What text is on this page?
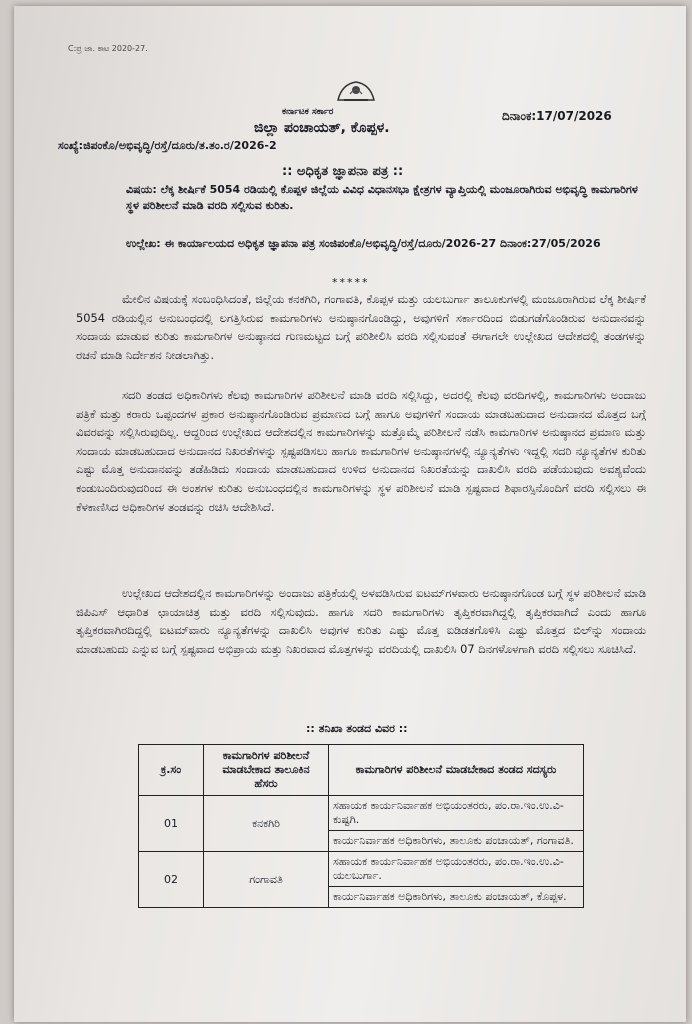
C:ಪ್ರ ಜಾ. ಕಾಟ 2020-27.
ಕರ್ನಾಟಕ ಸರ್ಕಾರ
ಜಿಲ್ಲಾ ಪಂಚಾಯತ್, ಕೊಪ್ಪಳ.
ದಿನಾಂಕ:17/07/2026
ಸಂಖ್ಯೆ:ಜಿಪಂಕೊ/ಅಭಿವೃದ್ಧಿ/ರಸ್ತೆ/ದೂರು/ತ.ತಂ.ರ/2026-2
:: ಅಧಿಕೃತ ಜ್ಞಾಪನಾ ಪತ್ರ ::
ವಿಷಯ: ಲೆಕ್ಕ ಶೀರ್ಷಿಕೆ 5054 ರಡಿಯಲ್ಲಿ ಕೊಪ್ಪಳ ಜಿಲ್ಲೆಯ ವಿವಿಧ ವಿಧಾನಸಭಾ ಕ್ಷೇತ್ರಗಳ ವ್ಯಾಪ್ತಿಯಲ್ಲಿ ಮಂಜೂರಾಗಿರುವ ಅಭಿವೃದ್ಧಿ ಕಾಮಗಾರಿಗಳ ಸ್ಥಳ ಪರಿಶೀಲನೆ ಮಾಡಿ ವರದಿ ಸಲ್ಲಿಸುವ ಕುರಿತು.
ಉಲ್ಲೇಖ: ಈ ಕಾರ್ಯಾಲಯದ ಅಧಿಕೃತ ಜ್ಞಾಪನಾ ಪತ್ರ ಸಂಜಿಪಂಕೊ/ಅಭಿವೃದ್ಧಿ/ರಸ್ತೆ/ದೂರು/2026-27 ದಿನಾಂಕ:27/05/2026
*****
ಮೇಲಿನ ವಿಷಯಕ್ಕೆ ಸಂಬಂಧಿಸಿದಂತೆ, ಜಿಲ್ಲೆಯ ಕನಕಗಿರಿ, ಗಂಗಾವತಿ, ಕೊಪ್ಪಳ ಮತ್ತು ಯಲಬುರ್ಗಾ ತಾಲೂಕುಗಳಲ್ಲಿ ಮಂಜೂರಾಗಿರುವ ಲೆಕ್ಕ ಶೀರ್ಷಿಕೆ 5054 ರಡಿಯಲ್ಲಿನ ಅನುಬಂಧದಲ್ಲಿ ಲಗತ್ತಿಸಿರುವ ಕಾಮಗಾರಿಗಳು ಅನುಷ್ಠಾನಗೊಂಡಿದ್ದು, ಅವುಗಳಿಗೆ ಸರ್ಕಾರದಿಂದ ಬಿಡುಗಡೆಗೊಂಡಿರುವ ಅನುದಾನವನ್ನು ಸಂದಾಯ ಮಾಡುವ ಕುರಿತು ಕಾಮಗಾರಿಗಳ ಅನುಷ್ಠಾನದ ಗುಣಮಟ್ಟದ ಬಗ್ಗೆ ಪರಿಶೀಲಿಸಿ ವರದಿ ಸಲ್ಲಿಸುವಂತೆ ಈಗಾಗಲೇ ಉಲ್ಲೇಖದ ಆದೇಶದಲ್ಲಿ ತಂಡಗಳನ್ನು ರಚನೆ ಮಾಡಿ ನಿರ್ದೇಶನ ನೀಡಲಾಗಿತ್ತು.
ಸದರಿ ತಂಡದ ಅಧಿಕಾರಿಗಳು ಕೆಲವು ಕಾಮಗಾರಿಗಳ ಪರಿಶೀಲನೆ ಮಾಡಿ ವರದಿ ಸಲ್ಲಿಸಿದ್ದು, ಅದರಲ್ಲಿ ಕೆಲವು ವರದಿಗಳಲ್ಲಿ, ಕಾಮಗಾರಿಗಳು ಅಂದಾಜು ಪತ್ರಿಕೆ ಮತ್ತು ಕರಾರು ಒಪ್ಪಂದಗಳ ಪ್ರಕಾರ ಅನುಷ್ಠಾನಗೊಂಡಿರುವ ಪ್ರಮಾಣದ ಬಗ್ಗೆ ಹಾಗೂ ಅವುಗಳಿಗೆ ಸಂದಾಯ ಮಾಡಬಹುದಾದ ಅನುದಾನದ ಮೊತ್ತದ ಬಗ್ಗೆ ವಿವರವನ್ನು ಸಲ್ಲಿಸಿರುವುದಿಲ್ಲ. ಆದ್ದರಿಂದ ಉಲ್ಲೇಖದ ಆದೇಶದಲ್ಲಿನ ಕಾಮಗಾರಿಗಳನ್ನು ಮತ್ತೊಮ್ಮೆ ಪರಿಶೀಲನೆ ನಡೆಸಿ ಕಾಮಗಾರಿಗಳ ಅನುಷ್ಠಾನದ ಪ್ರಮಾಣ ಮತ್ತು ಸಂದಾಯ ಮಾಡಬಹುದಾದ ಅನುದಾನದ ನಿಖರತೆಗಳನ್ನು ಸ್ಪಷ್ಟಪಡಿಸಲು ಹಾಗೂ ಕಾಮಗಾರಿಗಳ ಅನುಷ್ಠಾನಗಳಲ್ಲಿ ನ್ಯೂನ್ಯತೆಗಳು ಇದ್ದಲ್ಲಿ ಸದರಿ ನ್ಯೂನ್ಯತೆಗಳ ಕುರಿತು ಎಷ್ಟು ಮೊತ್ತ ಅನುದಾನವನ್ನು ತಡೆಹಿಡಿದು ಸಂದಾಯ ಮಾಡಬಹುದಾದ ಉಳಿದ ಅನುದಾನದ ನಿಖರತೆಯನ್ನು ದಾಖಲಿಸಿ ವರದಿ ಪಡೆಯುವುದು ಅವಶ್ಯವೆಂದು ಕಂಡುಬಂದಿರುವುದರಿಂದ ಈ ಅಂಶಗಳ ಕುರಿತು ಅನುಬಂಧದಲ್ಲಿನ ಕಾಮಗಾರಿಗಳನ್ನು ಸ್ಥಳ ಪರಿಶೀಲನೆ ಮಾಡಿ ಸ್ಪಷ್ಟವಾದ ಶಿಫಾರಸ್ಸಿನೊಂದಿಗೆ ವರದಿ ಸಲ್ಲಿಸಲು ಈ ಕೆಳಕಾಣಿಸಿದ ಅಧಿಕಾರಿಗಳ ತಂಡವನ್ನು ರಚಿಸಿ ಆದೇಶಿಸಿದೆ.
ಉಲ್ಲೇಖದ ಆದೇಶದಲ್ಲಿನ ಕಾಮಗಾರಿಗಳನ್ನು ಅಂದಾಜು ಪತ್ರಿಕೆಯಲ್ಲಿ ಅಳವಡಿಸಿರುವ ಐಟಮ್‌ಗಳವಾರು ಅನುಷ್ಠಾನಗೊಂಡ ಬಗ್ಗೆ ಸ್ಥಳ ಪರಿಶೀಲನೆ ಮಾಡಿ ಜಿಪಿಎಸ್ ಆಧಾರಿತ ಛಾಯಾಚಿತ್ರ ಮತ್ತು ವರದಿ ಸಲ್ಲಿಸುವುದು. ಹಾಗೂ ಸದರಿ ಕಾಮಗಾರಿಗಳು ತೃಪ್ತಿಕರವಾಗಿದ್ದಲ್ಲಿ ತೃಪ್ತಿಕರವಾಗಿದೆ ಎಂದು ಹಾಗೂ ತೃಪ್ತಿಕರವಾಗಿರದಿದ್ದಲ್ಲಿ ಐಟಮ್‌ವಾರು ನ್ಯೂನ್ಯತೆಗಳನ್ನು ದಾಖಲಿಸಿ ಅವುಗಳ ಕುರಿತು ಎಷ್ಟು ಮೊತ್ತ ಐಡಿಡತಗೊಳಿಸಿ ಎಷ್ಟು ಮೊತ್ತದ ಬಿಲ್‌ನ್ನು ಸಂದಾಯ ಮಾಡಬಹುದು ಎನ್ನುವ ಬಗ್ಗೆ ಸ್ಪಷ್ಟವಾದ ಅಭಿಪ್ರಾಯ ಮತ್ತು ನಿಖರವಾದ ಮೊತ್ತಗಳನ್ನು ವರದಿಯಲ್ಲಿ ದಾಖಲಿಸಿ 07 ದಿನಗಳೊಳಗಾಗಿ ವರದಿ ಸಲ್ಲಿಸಲು ಸೂಚಿಸಿದೆ.
:: ತನಿಖಾ ತಂಡದ ವಿವರ ::
ಕ್ರ.ಸಂ	ಕಾಮಗಾರಿಗಳ ಪರಿಶೀಲನೆ ಮಾಡಬೇಕಾದ ತಾಲೂಕಿನ ಹೆಸರು	ಕಾಮಗಾರಿಗಳ ಪರಿಶೀಲನೆ ಮಾಡಬೇಕಾದ ತಂಡದ ಸದಸ್ಯರು
01	ಕನಕಗಿರಿ	ಸಹಾಯಕ ಕಾರ್ಯನಿರ್ವಾಹಕ ಅಭಿಯಂತರರು, ಪಂ.ರಾ.ಇಂ.ಉ.ವಿ- ಕುಷ್ಟಗಿ.
ಕಾರ್ಯನಿರ್ವಾಹಕ ಅಧಿಕಾರಿಗಳು, ತಾಲೂಕು ಪಂಚಾಯತ್, ಗಂಗಾವತಿ.

02	ಗಂಗಾವತಿ	ಸಹಾಯಕ ಕಾರ್ಯನಿರ್ವಾಹಕ ಅಭಿಯಂತರರು, ಪಂ.ರಾ.ಇಂ.ಉ.ವಿ- ಯಲಬುರ್ಗಾ.
ಕಾರ್ಯನಿರ್ವಾಹಕ ಅಧಿಕಾರಿಗಳು, ತಾಲೂಕು ಪಂಚಾಯತ್, ಕೊಪ್ಪಳ.
